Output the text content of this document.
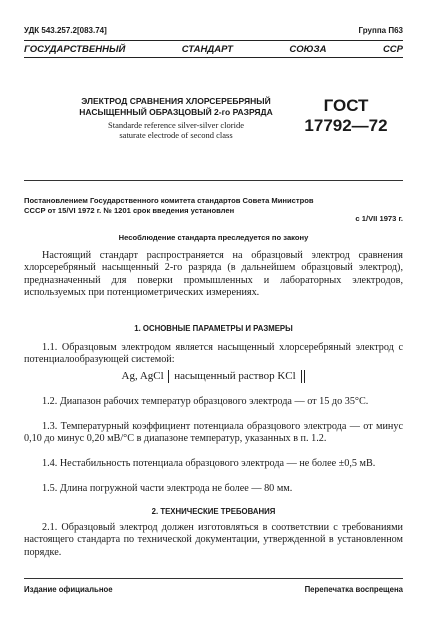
УДК 543.257.2[083.74]	Группа П63
ГОСУДАРСТВЕННЫЙ	СТАНДАРТ	СОЮЗА	ССР
ЭЛЕКТРОД СРАВНЕНИЯ ХЛОРСЕРЕБРЯНЫЙ
НАСЫЩЕННЫЙ ОБРАЗЦОВЫЙ 2-го РАЗРЯДА
Standarde reference silver-silver cloride
saturate electrode of second class
ГОСТ
17792—72
Постановлением Государственного комитета стандартов Совета Министров
СССР от 15/VI 1972 г. № 1201 срок введения установлен
с 1/VII 1973 г.
Несоблюдение стандарта преследуется по закону
Настоящий стандарт распространяется на образцовый электрод сравнения хлорсеребряный насыщенный 2-го разряда (в дальнейшем образцовый электрод), предназначенный для поверки промышленных и лабораторных электродов, используемых при потенциометрических измерениях.
1. ОСНОВНЫЕ ПАРАМЕТРЫ И РАЗМЕРЫ
1.1. Образцовым электродом является насыщенный хлорсеребряный электрод с потенциалообразующей системой:
Ag, AgCl насыщенный раствор KCl
1.2. Диапазон рабочих температур образцового электрода — от 15 до 35°C.
1.3. Температурный коэффициент потенциала образцового электрода — от минус 0,10 до минус 0,20 мВ/°C в диапазоне температур, указанных в п. 1.2.
1.4. Нестабильность потенциала образцового электрода — не более ±0,5 мВ.
1.5. Длина погружной части электрода не более — 80 мм.
2. ТЕХНИЧЕСКИЕ ТРЕБОВАНИЯ
2.1. Образцовый электрод должен изготовляться в соответствии с требованиями настоящего стандарта по технической документации, утвержденной в установленном порядке.
Издание официальное	Перепечатка воспрещена
